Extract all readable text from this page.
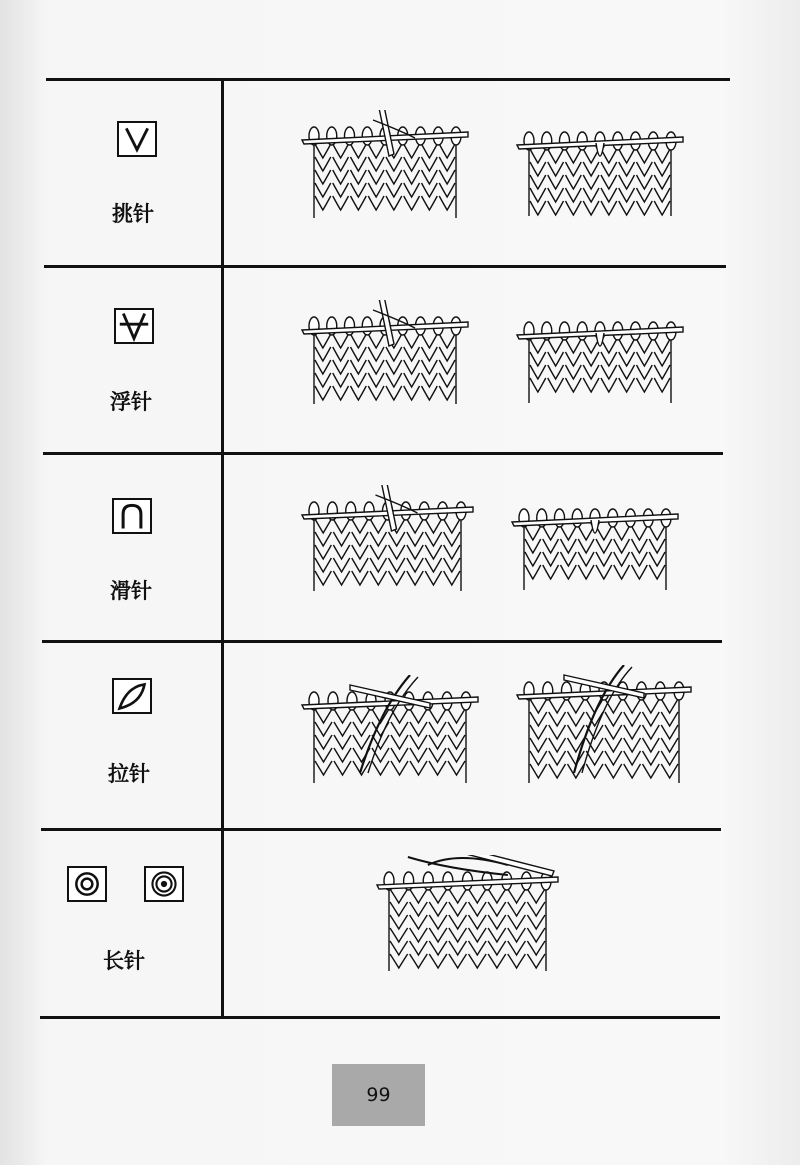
挑针
浮针
滑针
拉针
长针
99
